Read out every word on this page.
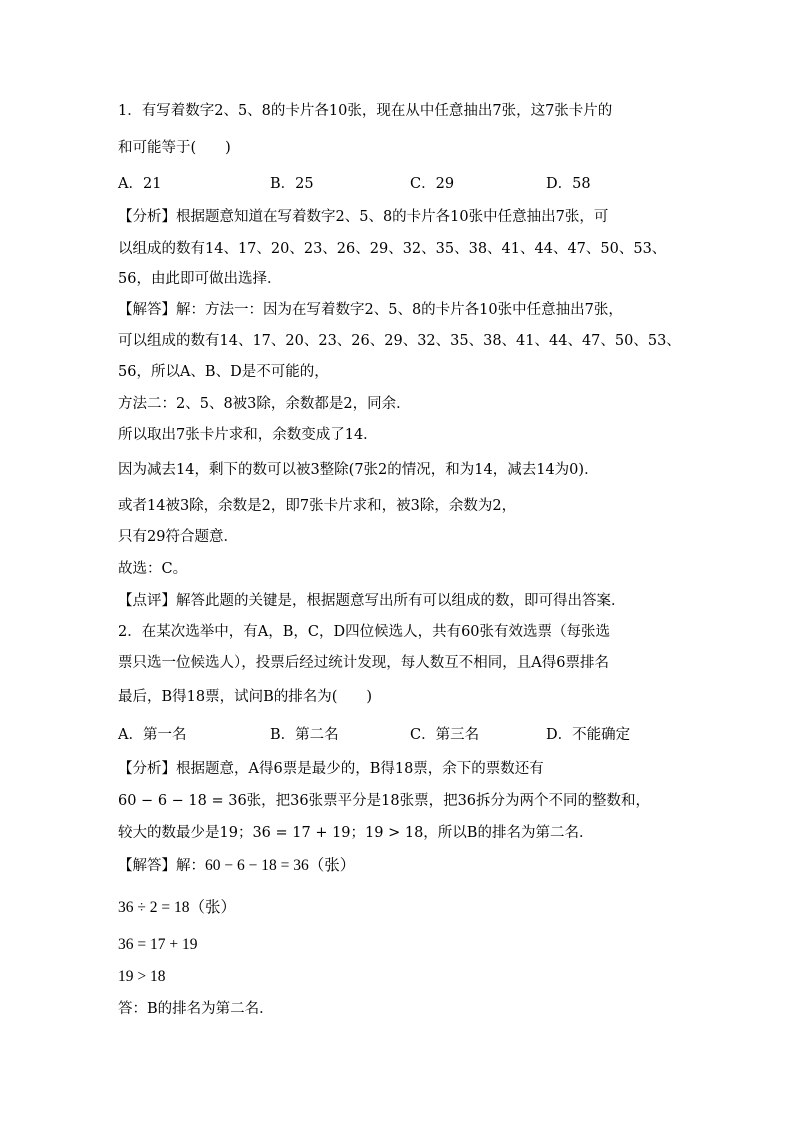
1．有写着数字2、5、8的卡片各10张，现在从中任意抽出7张，这7张卡片的
和可能等于(　　)
A．21	B．25	C．29	D．58
【分析】根据题意知道在写着数字2、5、8的卡片各10张中任意抽出7张，可
以组成的数有14、17、20、23、26、29、32、35、38、41、44、47、50、53、
56，由此即可做出选择．
【解答】解：方法一：因为在写着数字2、5、8的卡片各10张中任意抽出7张，
可以组成的数有14、17、20、23、26、29、32、35、38、41、44、47、50、53、
56，所以A、B、D是不可能的，
方法二：2、5、8被3除，余数都是2，同余．
所以取出7张卡片求和，余数变成了14．
因为减去14，剩下的数可以被3整除(7张2的情况，和为14，减去14为0)．
或者14被3除，余数是2，即7张卡片求和，被3除，余数为2，
只有29符合题意．
故选：C。
【点评】解答此题的关键是，根据题意写出所有可以组成的数，即可得出答案．
2．在某次选举中，有A，B，C，D四位候选人，共有60张有效选票（每张选
票只选一位候选人），投票后经过统计发现，每人数互不相同，且A得6票排名
最后，B得18票，试问B的排名为(　　)
A．第一名	B．第二名	C．第三名	D．不能确定
【分析】根据题意，A得6票是最少的，B得18票，余下的票数还有
60 − 6 − 18 = 36张，把36张票平分是18张票，把36拆分为两个不同的整数和，
较大的数最少是19；36 = 17 + 19；19 > 18，所以B的排名为第二名．
【解答】解：60 − 6 − 18 = 36（张）
36 ÷ 2 = 18（张）
36 = 17 + 19
19 > 18
答：B的排名为第二名．
